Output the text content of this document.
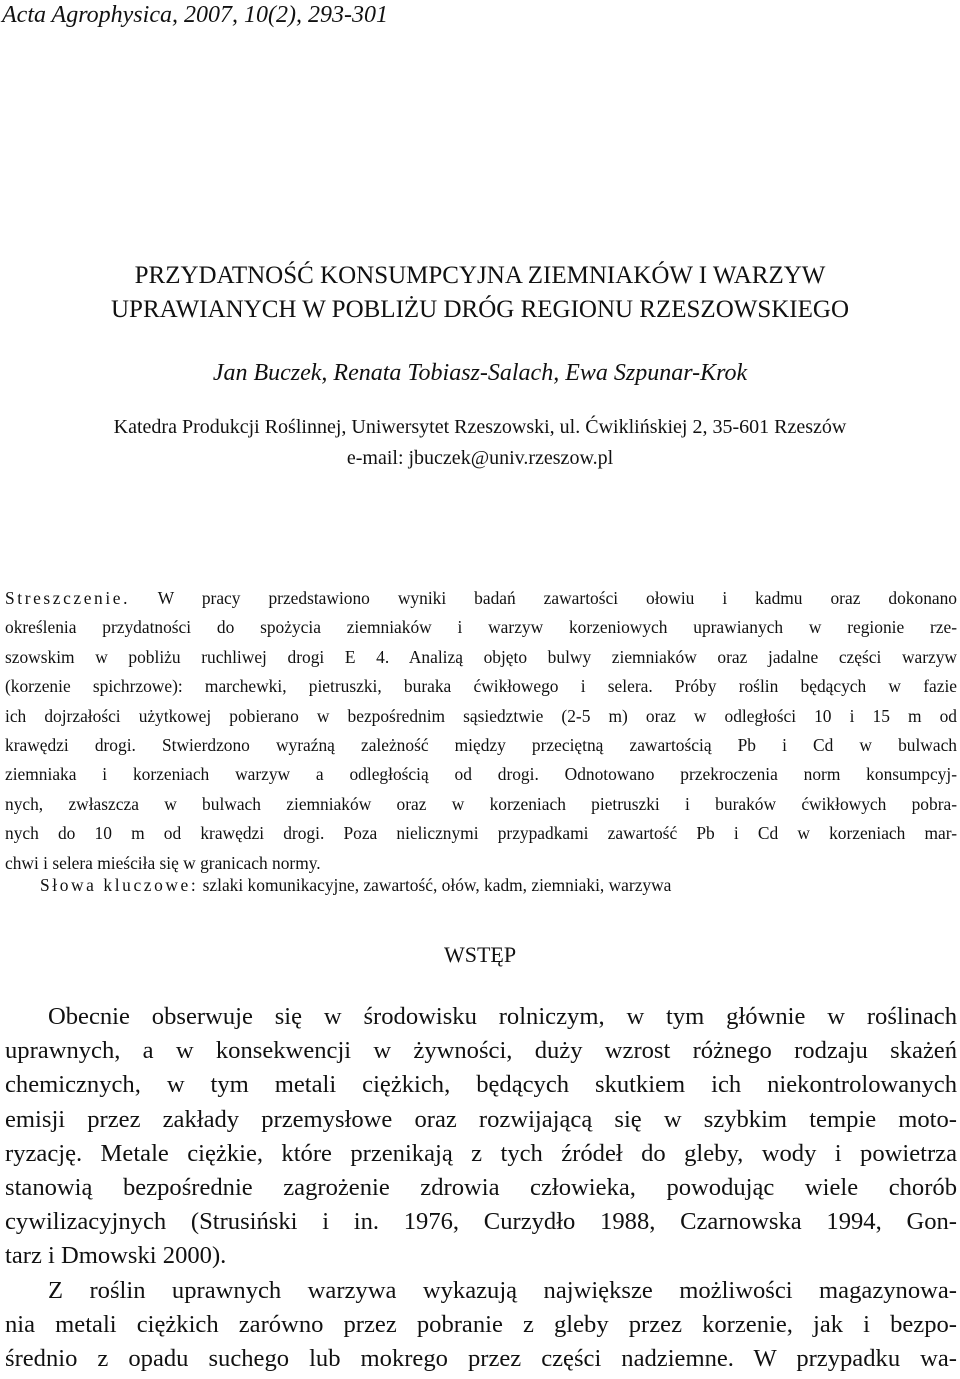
Acta Agrophysica, 2007, 10(2), 293-301
PRZYDATNOŚĆ KONSUMPCYJNA ZIEMNIAKÓW I WARZYW
UPRAWIANYCH W POBLIŻU DRÓG REGIONU RZESZOWSKIEGO
Jan Buczek, Renata Tobiasz-Salach, Ewa Szpunar-Krok
Katedra Produkcji Roślinnej, Uniwersytet Rzeszowski, ul. Ćwiklińskiej 2, 35-601 Rzeszów
e-mail: jbuczek@univ.rzeszow.pl
Streszczenie. W pracy przedstawiono wyniki badań zawartości ołowiu i kadmu oraz dokonano
określenia przydatności do spożycia ziemniaków i warzyw korzeniowych uprawianych w regionie rze-
szowskim w pobliżu ruchliwej drogi E 4. Analizą objęto bulwy ziemniaków oraz jadalne części warzyw
(korzenie spichrzowe): marchewki, pietruszki, buraka ćwikłowego i selera. Próby roślin będących w fazie
ich dojrzałości użytkowej pobierano w bezpośrednim sąsiedztwie (2-5 m) oraz w odległości 10 i 15 m od
krawędzi drogi. Stwierdzono wyraźną zależność między przeciętną zawartością Pb i Cd w bulwach
ziemniaka i korzeniach warzyw a odległością od drogi. Odnotowano przekroczenia norm konsumpcyj-
nych, zwłaszcza w bulwach ziemniaków oraz w korzeniach pietruszki i buraków ćwikłowych pobra-
nych do 10 m od krawędzi drogi. Poza nielicznymi przypadkami zawartość Pb i Cd w korzeniach mar-
chwi i selera mieściła się w granicach normy.
Słowa kluczowe: szlaki komunikacyjne, zawartość, ołów, kadm, ziemniaki, warzywa
WSTĘP
Obecnie obserwuje się w środowisku rolniczym, w tym głównie w roślinach
uprawnych, a w konsekwencji w żywności, duży wzrost różnego rodzaju skażeń
chemicznych, w tym metali ciężkich, będących skutkiem ich niekontrolowanych
emisji przez zakłady przemysłowe oraz rozwijającą się w szybkim tempie moto-
ryzację. Metale ciężkie, które przenikają z tych źródeł do gleby, wody i powietrza
stanowią bezpośrednie zagrożenie zdrowia człowieka, powodując wiele chorób
cywilizacyjnych (Strusiński i in. 1976, Curzydło 1988, Czarnowska 1994, Gon-
tarz i Dmowski 2000).
Z roślin uprawnych warzywa wykazują największe możliwości magazynowa-
nia metali ciężkich zarówno przez pobranie z gleby przez korzenie, jak i bezpo-
średnio z opadu suchego lub mokrego przez części nadziemne. W przypadku wa-
